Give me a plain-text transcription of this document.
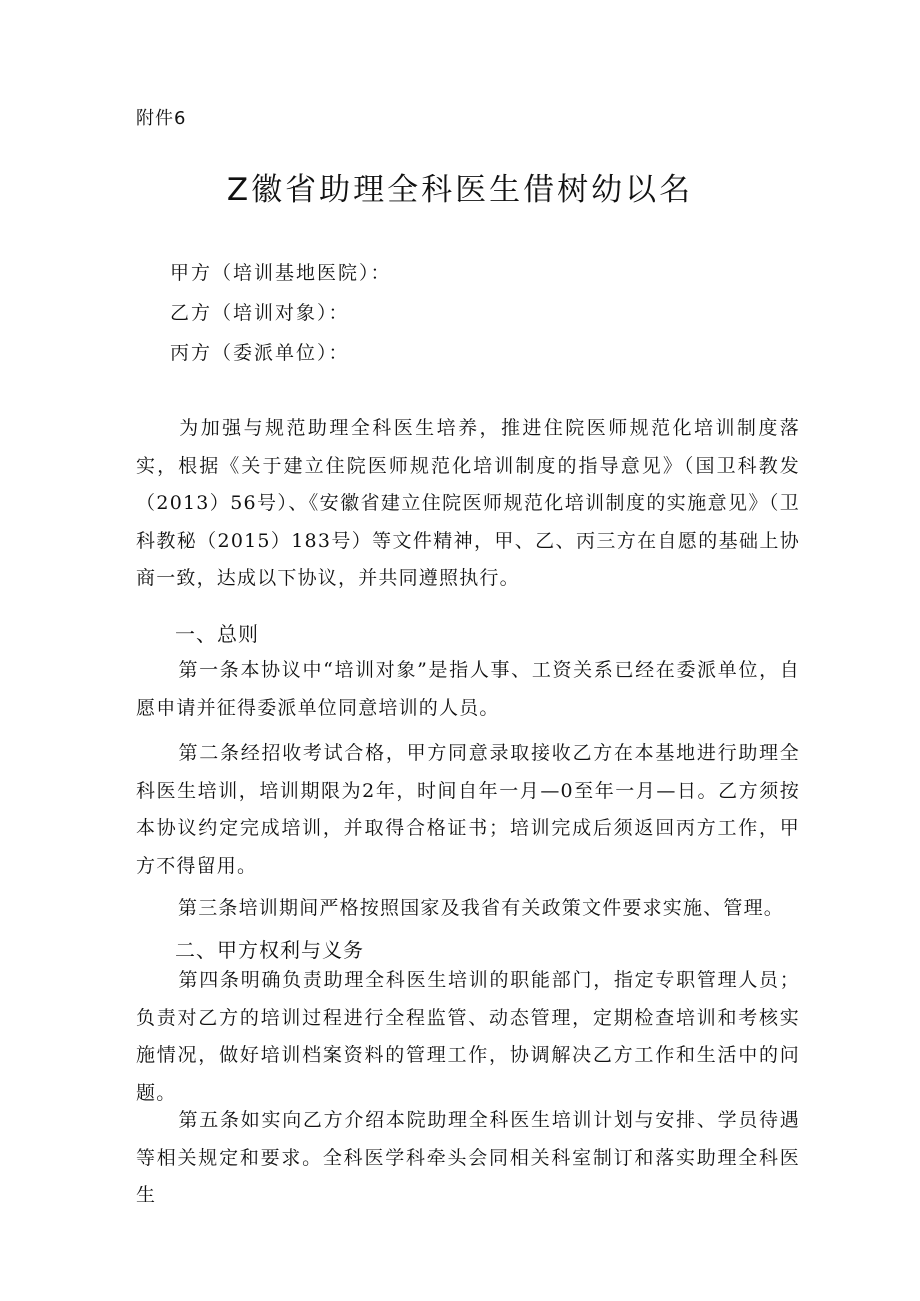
附件6
Z徽省助理全科医生借树幼以名
甲方（培训基地医院）：
乙方（培训对象）：
丙方（委派单位）：

为加强与规范助理全科医生培养，推进住院医师规范化培训制度落实，根据《关于建立住院医师规范化培训制度的指导意见》（国卫科教发（2013）56号）、《安徽省建立住院医师规范化培训制度的实施意见》（卫科教秘（2015）183号）等文件精神，甲、乙、丙三方在自愿的基础上协商一致，达成以下协议，并共同遵照执行。

一、总则

第一条本协议中“培训对象”是指人事、工资关系已经在委派单位，自愿申请并征得委派单位同意培训的人员。

第二条经招收考试合格，甲方同意录取接收乙方在本基地进行助理全科医生培训，培训期限为2年，时间自年一月—0至年一月—日。乙方须按本协议约定完成培训，并取得合格证书；培训完成后须返回丙方工作，甲方不得留用。

第三条培训期间严格按照国家及我省有关政策文件要求实施、管理。

二、甲方权利与义务

第四条明确负责助理全科医生培训的职能部门，指定专职管理人员；负责对乙方的培训过程进行全程监管、动态管理，定期检查培训和考核实施情况，做好培训档案资料的管理工作，协调解决乙方工作和生活中的问题。

第五条如实向乙方介绍本院助理全科医生培训计划与安排、学员待遇等相关规定和要求。全科医学科牵头会同相关科室制订和落实助理全科医生
